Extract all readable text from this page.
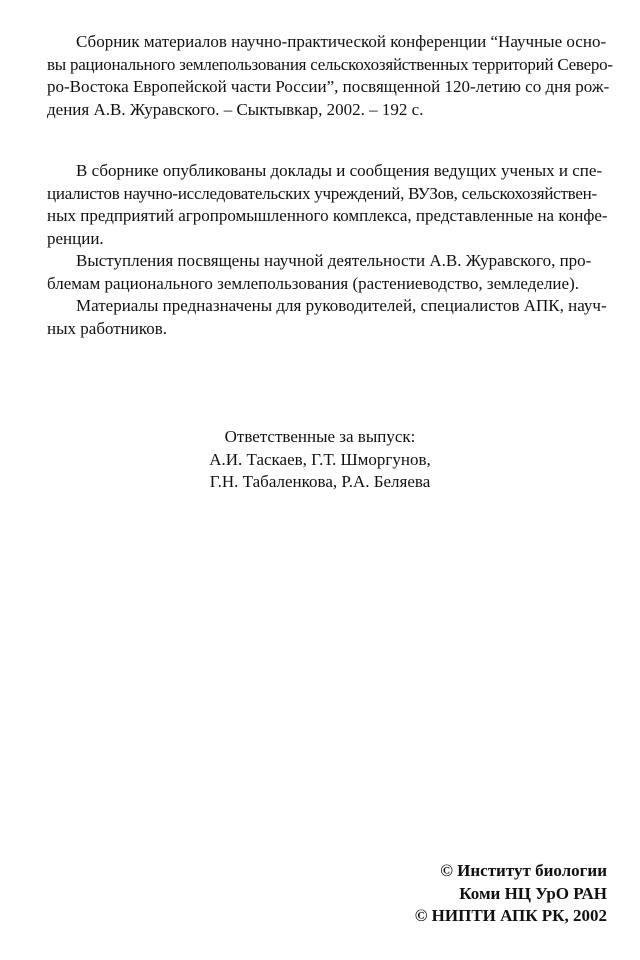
Сборник материалов научно-практической конференции “Научные осно-
вы рационального землепользования сельскохозяйственных территорий Северо-
ро-Востока Европейской части России”, посвященной 120-летию со дня рож-
дения А.В. Журавского. – Сыктывкар, 2002. – 192 с.
В сборнике опубликованы доклады и сообщения ведущих ученых и спе-
циалистов научно-исследовательских учреждений, ВУЗов, сельскохозяйствен-
ных предприятий агропромышленного комплекса, представленные на конфе-
ренции.
Выступления посвящены научной деятельности А.В. Журавского, про-
блемам рационального землепользования (растениеводство, земледелие).
Материалы предназначены для руководителей, специалистов АПК, науч-
ных работников.
Ответственные за выпуск:
А.И. Таскаев, Г.Т. Шморгунов,
Г.Н. Табаленкова, Р.А. Беляева
© Институт биологии
Коми НЦ УрО РАН
© НИПТИ АПК РК, 2002
